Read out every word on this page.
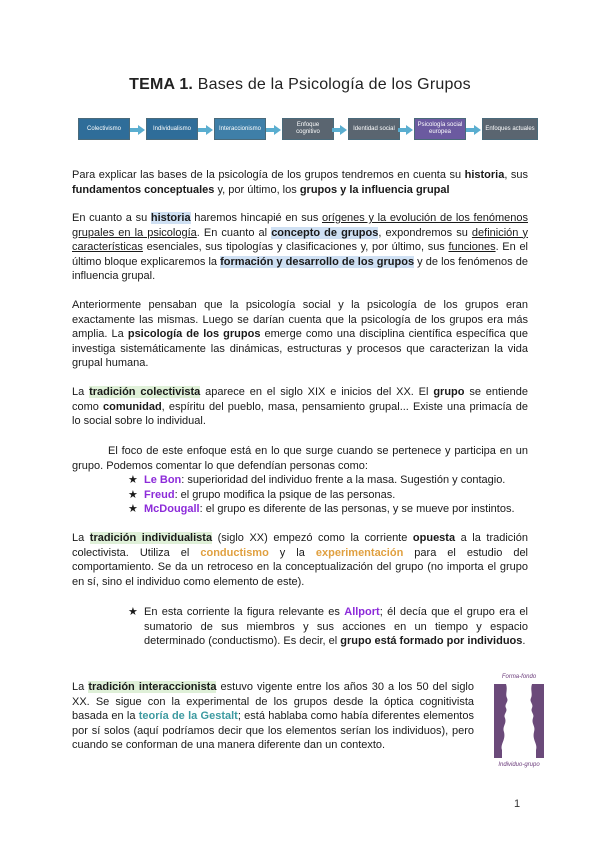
TEMA 1. Bases de la Psicología de los Grupos
Colectivismo	Individualismo	Interaccionismo
Enfoque cognitivo
Identidad social
Psicología social europea
Enfoques actuales
Para explicar las bases de la psicología de los grupos tendremos en cuenta su historia, sus fundamentos conceptuales y, por último, los grupos y la influencia grupal
En cuanto a su historia haremos hincapié en sus orígenes y la evolución de los fenómenos grupales en la psicología. En cuanto al concepto de grupos, expondremos su definición y características esenciales, sus tipologías y clasificaciones y, por último, sus funciones. En el último bloque explicaremos la formación y desarrollo de los grupos y de los fenómenos de influencia grupal.
Anteriormente pensaban que la psicología social y la psicología de los grupos eran exactamente las mismas. Luego se darían cuenta que la psicología de los grupos era más amplia. La psicología de los grupos emerge como una disciplina científica específica que investiga sistemáticamente las dinámicas, estructuras y procesos que caracterizan la vida grupal humana.
La tradición colectivista aparece en el siglo XIX e inicios del XX. El grupo se entiende como comunidad, espíritu del pueblo, masa, pensamiento grupal... Existe una primacía de lo social sobre lo individual.
El foco de este enfoque está en lo que surge cuando se pertenece y participa en un grupo. Podemos comentar lo que defendían personas como:
★ Le Bon: superioridad del individuo frente a la masa. Sugestión y contagio.
★ Freud: el grupo modifica la psique de las personas.
★ McDougall: el grupo es diferente de las personas, y se mueve por instintos.
La tradición individualista (siglo XX) empezó como la corriente opuesta a la tradición colectivista. Utiliza el conductismo y la experimentación para el estudio del comportamiento. Se da un retroceso en la conceptualización del grupo (no importa el grupo en sí, sino el individuo como elemento de este).
★ En esta corriente la figura relevante es Allport; él decía que el grupo era el sumatorio de sus miembros y sus acciones en un tiempo y espacio determinado (conductismo). Es decir, el grupo está formado por individuos.
La tradición interaccionista estuvo vigente entre los años 30 a los 50 del siglo XX. Se sigue con la experimental de los grupos desde la óptica cognitivista basada en la teoría de la Gestalt; está hablaba como había diferentes elementos por sí solos (aquí podríamos decir que los elementos serían los individuos), pero cuando se conforman de una manera diferente dan un contexto.
Forma-fondo
Individuo-grupo
1
